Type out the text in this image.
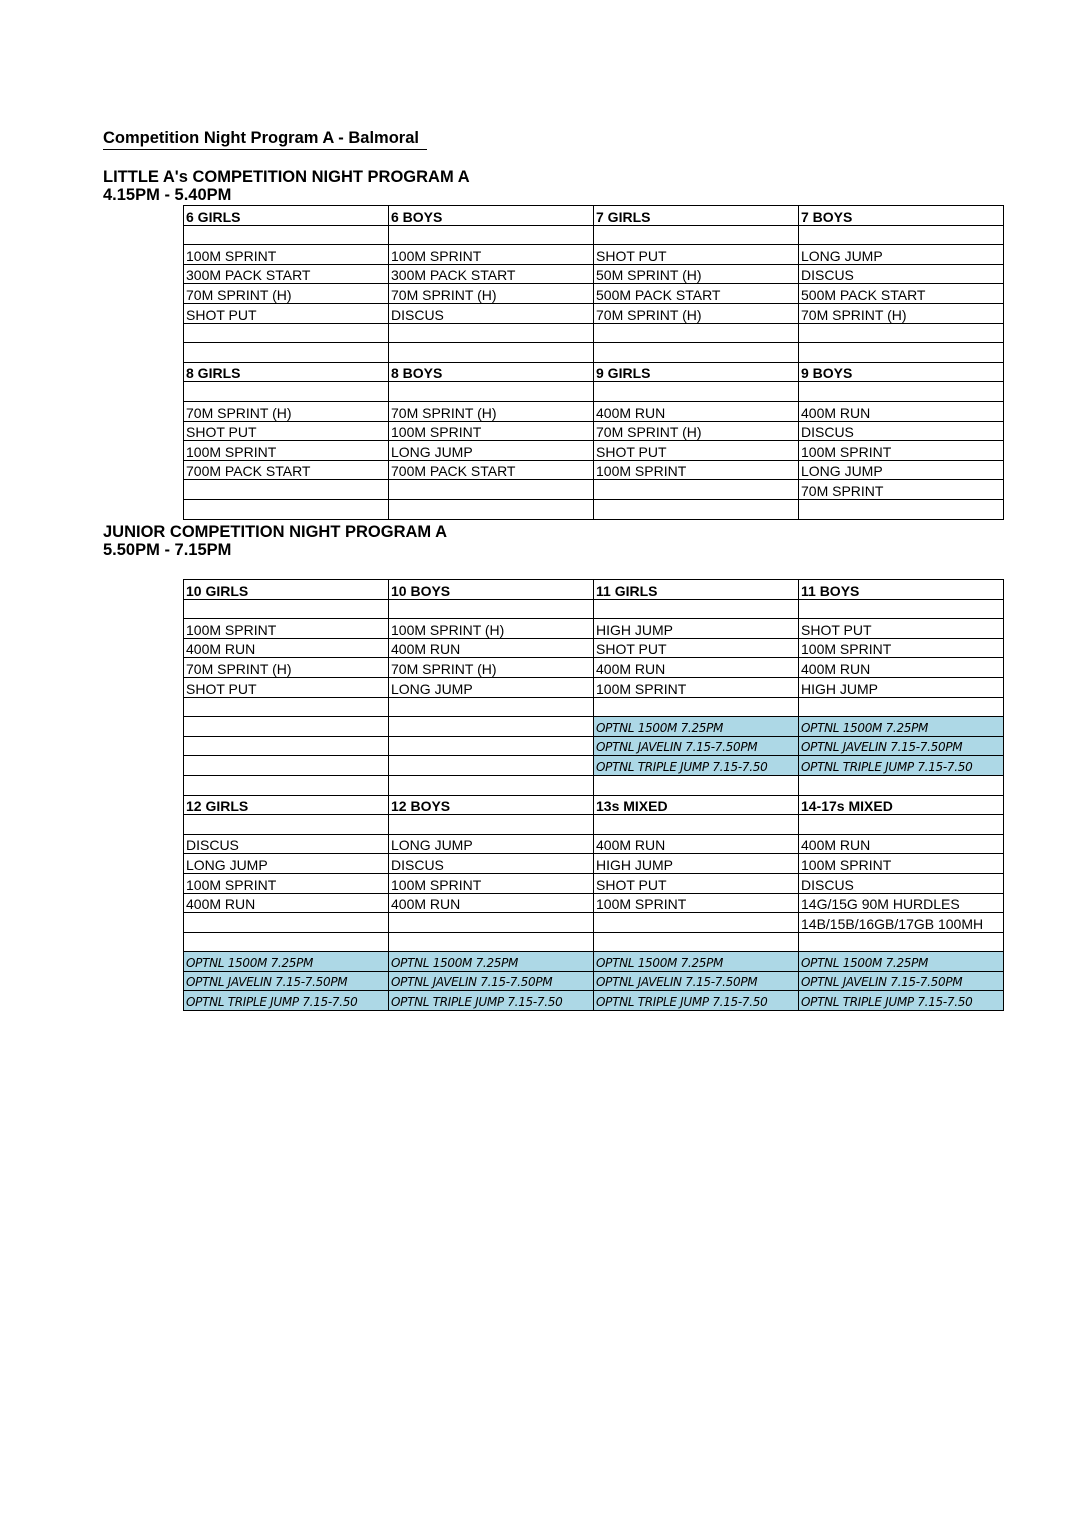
Competition Night Program A - Balmoral
LITTLE A's COMPETITION NIGHT PROGRAM A
4.15PM - 5.40PM
6 GIRLS	6 BOYS	7 GIRLS	7 BOYS

100M SPRINT	100M SPRINT	SHOT PUT	LONG JUMP
300M PACK START	300M PACK START	50M SPRINT (H)	DISCUS
70M SPRINT (H)	70M SPRINT (H)	500M PACK START	500M PACK START
SHOT PUT	DISCUS	70M SPRINT (H)	70M SPRINT (H)

8 GIRLS	8 BOYS	9 GIRLS	9 BOYS

70M SPRINT (H)	70M SPRINT (H)	400M RUN	400M RUN
SHOT PUT	100M SPRINT	70M SPRINT (H)	DISCUS
100M SPRINT	LONG JUMP	SHOT PUT	100M SPRINT
700M PACK START	700M PACK START	100M SPRINT	LONG JUMP
			70M SPRINT

JUNIOR COMPETITION NIGHT PROGRAM A
5.50PM - 7.15PM
10 GIRLS	10 BOYS	11 GIRLS	11 BOYS

100M SPRINT	100M SPRINT (H)	HIGH JUMP	SHOT PUT
400M RUN	400M RUN	SHOT PUT	100M SPRINT
70M SPRINT (H)	70M SPRINT (H)	400M RUN	400M RUN
SHOT PUT	LONG JUMP	100M SPRINT	HIGH JUMP

		OPTNL 1500M 7.25PM	OPTNL 1500M 7.25PM
		OPTNL JAVELIN 7.15-7.50PM	OPTNL JAVELIN 7.15-7.50PM
		OPTNL TRIPLE JUMP 7.15-7.50	OPTNL TRIPLE JUMP 7.15-7.50

12 GIRLS	12 BOYS	13s MIXED	14-17s MIXED

DISCUS	LONG JUMP	400M RUN	400M RUN
LONG JUMP	DISCUS	HIGH JUMP	100M SPRINT
100M SPRINT	100M SPRINT	SHOT PUT	DISCUS
400M RUN	400M RUN	100M SPRINT	14G/15G 90M HURDLES
			14B/15B/16GB/17GB 100MH

OPTNL 1500M 7.25PM	OPTNL 1500M 7.25PM	OPTNL 1500M 7.25PM	OPTNL 1500M 7.25PM
OPTNL JAVELIN 7.15-7.50PM	OPTNL JAVELIN 7.15-7.50PM	OPTNL JAVELIN 7.15-7.50PM	OPTNL JAVELIN 7.15-7.50PM
OPTNL TRIPLE JUMP 7.15-7.50	OPTNL TRIPLE JUMP 7.15-7.50	OPTNL TRIPLE JUMP 7.15-7.50	OPTNL TRIPLE JUMP 7.15-7.50
